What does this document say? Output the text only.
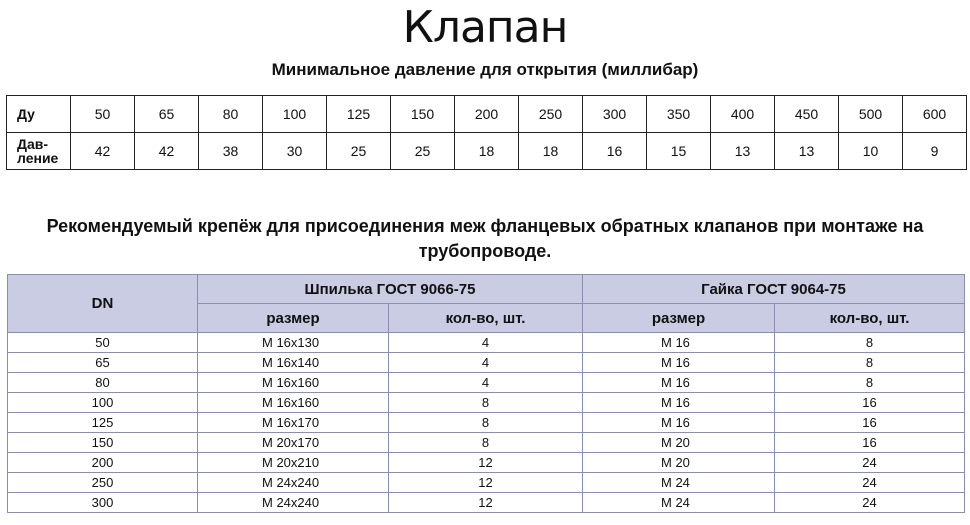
Клапан
Минимальное давление для открытия (миллибар)
Ду	50	65	80	100	125	150	200	250	300	350	400	450	500	600
Дав-
ление	42	42	38	30	25	25	18	18	16	15	13	13	10	9
Рекомендуемый крепёж для присоединения меж фланцевых обратных клапанов при монтаже на трубопроводе.
DN	Шпилька ГОСТ 9066-75		Гайка ГОСТ 9064-75	
	размер	кол-во, шт.	размер	кол-во, шт.
50	М 16х130	4	М 16	8
65	М 16х140	4	М 16	8
80	М 16х160	4	М 16	8
100	М 16х160	8	М 16	16
125	М 16х170	8	М 16	16
150	М 20х170	8	М 20	16
200	М 20х210	12	М 20	24
250	М 24х240	12	М 24	24
300	М 24х240	12	М 24	24
